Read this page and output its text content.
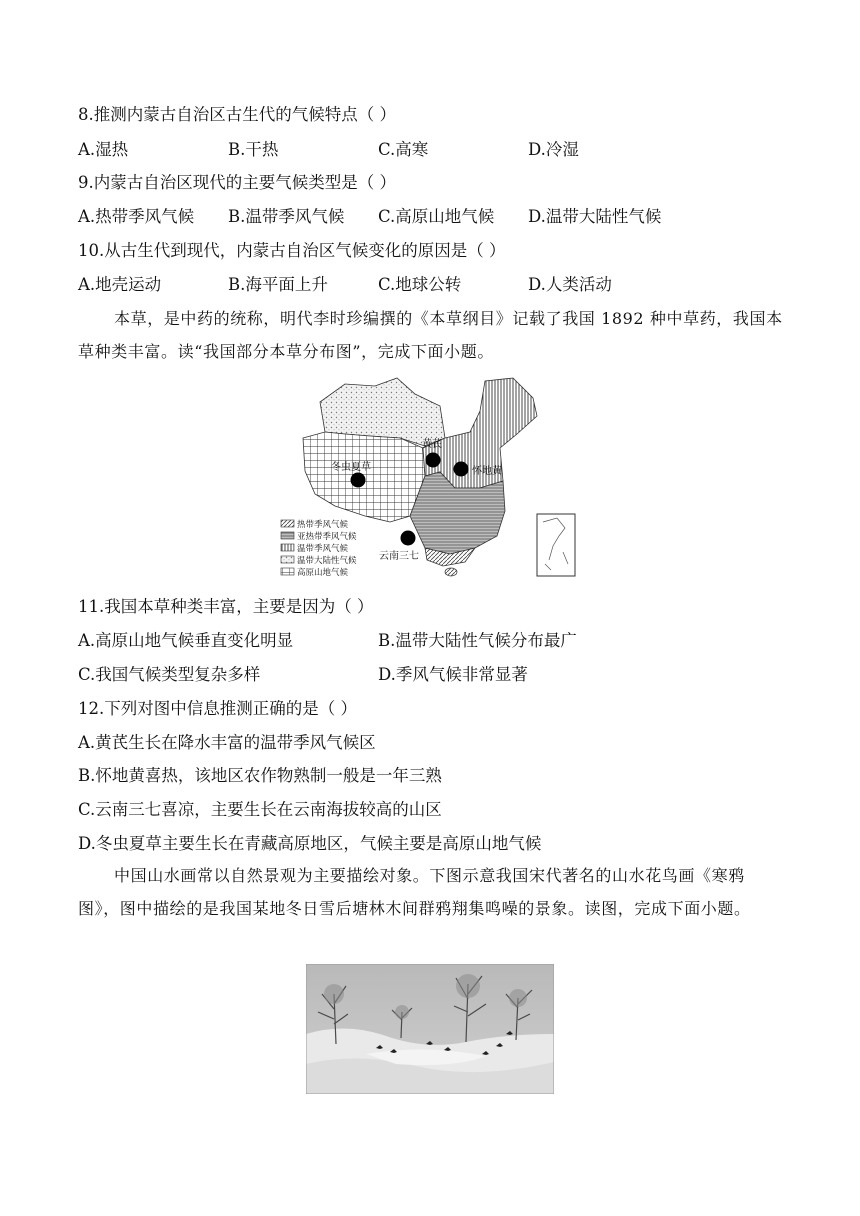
8.推测内蒙古自治区古生代的气候特点（ ）
A.湿热	B.干热	C.高寒	D.冷湿
9.内蒙古自治区现代的主要气候类型是（ ）
A.热带季风气候 B.温带季风气候 C.高原山地气候 D.温带大陆性气候
10.从古生代到现代，内蒙古自治区气候变化的原因是（ ）
A.地壳运动	B.海平面上升	C.地球公转	D.人类活动
本草，是中药的统称，明代李时珍编撰的《本草纲目》记载了我国 1892 种中草药，我国本草种类丰富。读“我国部分本草分布图”，完成下面小题。
黄芪
冬虫夏草	怀地黄
云南三七
热带季风气候
亚热带季风气候
温带季风气候
温带大陆性气候
高原山地气候
11.我国本草种类丰富，主要是因为（ ）
A.高原山地气候垂直变化明显	B.温带大陆性气候分布最广
C.我国气候类型复杂多样	D.季风气候非常显著
12.下列对图中信息推测正确的是（ ）
A.黄芪生长在降水丰富的温带季风气候区
B.怀地黄喜热，该地区农作物熟制一般是一年三熟
C.云南三七喜凉，主要生长在云南海拔较高的山区
D.冬虫夏草主要生长在青藏高原地区，气候主要是高原山地气候
中国山水画常以自然景观为主要描绘对象。下图示意我国宋代著名的山水花鸟画《寒鸦图》，图中描绘的是我国某地冬日雪后塘林木间群鸦翔集鸣噪的景象。读图，完成下面小题。
